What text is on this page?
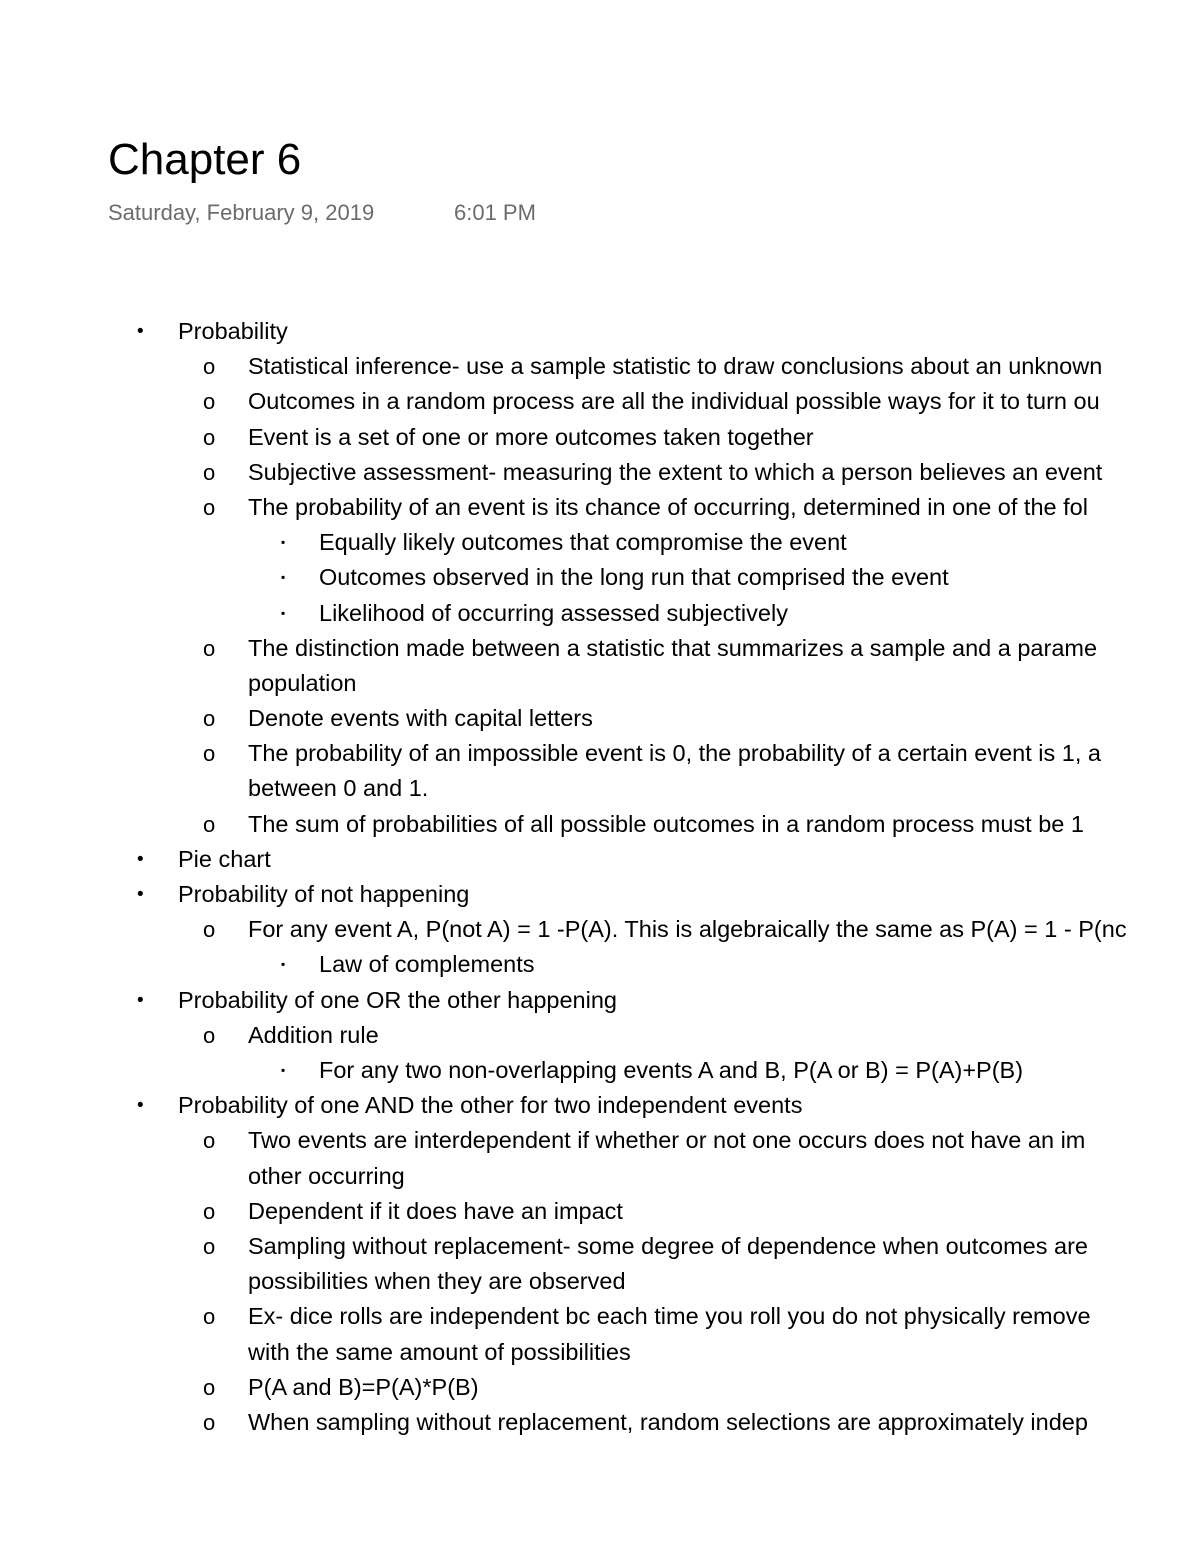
Chapter 6
Saturday, February 9, 2019	6:01 PM
• Probability
o Statistical inference- use a sample statistic to draw conclusions about an unknown
o Outcomes in a random process are all the individual possible ways for it to turn ou
o Event is a set of one or more outcomes taken together
o Subjective assessment- measuring the extent to which a person believes an event
o The probability of an event is its chance of occurring, determined in one of the fol
▪ Equally likely outcomes that compromise the event
▪ Outcomes observed in the long run that comprised the event
▪ Likelihood of occurring assessed subjectively
o The distinction made between a statistic that summarizes a sample and a parame
population
o Denote events with capital letters
o The probability of an impossible event is 0, the probability of a certain event is 1, a
between 0 and 1.
o The sum of probabilities of all possible outcomes in a random process must be 1
• Pie chart
• Probability of not happening
o For any event A, P(not A) = 1 -P(A). This is algebraically the same as P(A) = 1 - P(nc
▪ Law of complements
• Probability of one OR the other happening
o Addition rule
▪ For any two non-overlapping events A and B, P(A or B) = P(A)+P(B)
• Probability of one AND the other for two independent events
o Two events are interdependent if whether or not one occurs does not have an im
other occurring
o Dependent if it does have an impact
o Sampling without replacement- some degree of dependence when outcomes are
possibilities when they are observed
o Ex- dice rolls are independent bc each time you roll you do not physically remove
with the same amount of possibilities
o P(A and B)=P(A)*P(B)
o When sampling without replacement, random selections are approximately indep
